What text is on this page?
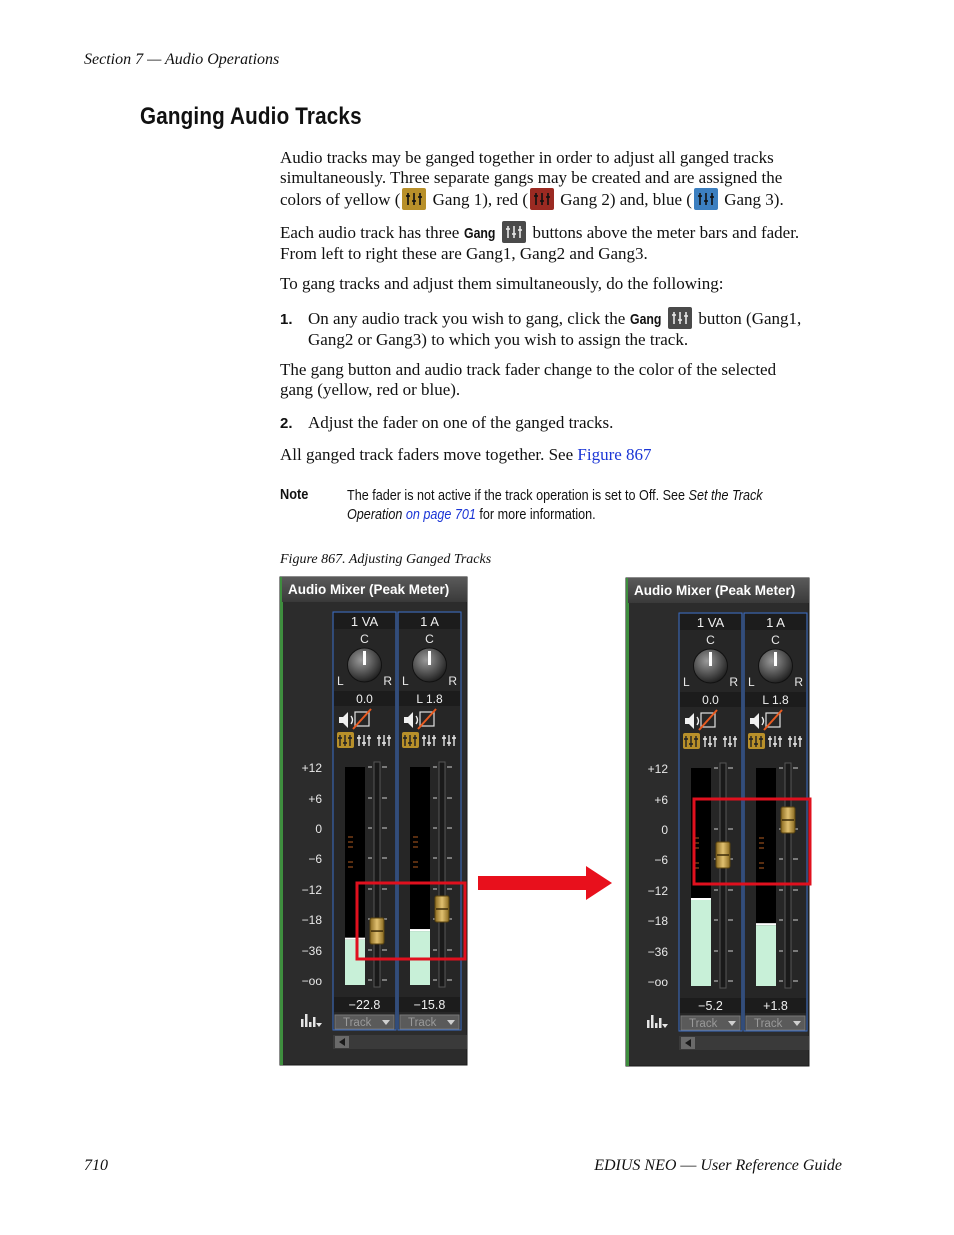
Section 7 — Audio Operations
Ganging Audio Tracks
Audio tracks may be ganged together in order to adjust all ganged tracks
simultaneously. Three separate gangs may be created and are assigned the
colors of yellow (
Gang 1), red (
Gang 2) and, blue (
Gang 3).
Each audio track has three Gang
buttons above the meter bars and fader.
From left to right these are Gang1, Gang2 and Gang3.
To gang tracks and adjust them simultaneously, do the following:
1. On any audio track you wish to gang, click the Gang
button (Gang1,
Gang2 or Gang3) to which you wish to assign the track.
The gang button and audio track fader change to the color of the selected
gang (yellow, red or blue).
2. Adjust the fader on one of the ganged tracks.
All ganged track faders move together. See Figure 867
Note	The fader is not active if the track operation is set to Off. See Set the Track
Operation on page 701 for more information.
Figure 867. Adjusting Ganged Tracks
Audio Mixer (Peak Meter)
+12
+6
0
−6
−12
−18
−36
−oo
1 VA
C
L	R
0.0
−22.8
Track
1 A
C
L	R
L 1.8
−15.8
Track
Audio Mixer (Peak Meter)
+12
+6
0
−6
−12
−18
−36
−oo
1 VA
C
L	R
0.0
−5.2
Track
1 A
C
L	R
L 1.8
+1.8
Track
710	EDIUS NEO — User Reference Guide
